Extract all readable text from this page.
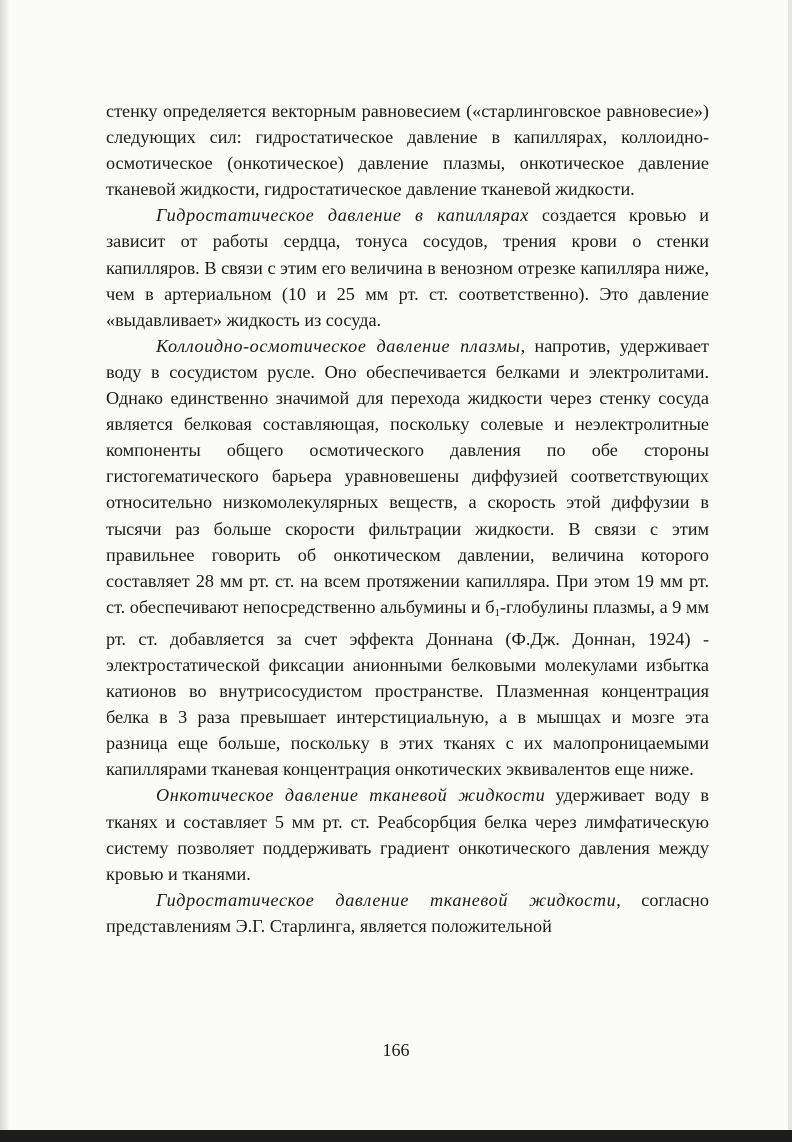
стенку определяется векторным равновесием («старлинговское равновесие») следующих сил: гидростатическое давление в капиллярах, коллоидно-осмотическое (онкотическое) давление плазмы, онкотическое давление тканевой жидкости, гидростатическое давление тканевой жидкости.

Гидростатическое давление в капиллярах создается кровью и зависит от работы сердца, тонуса сосудов, трения крови о стенки капилляров. В связи с этим его величина в венозном отрезке капилляра ниже, чем в артериальном (10 и 25 мм рт. ст. соответственно). Это давление «выдавливает» жидкость из сосуда.

Коллоидно-осмотическое давление плазмы, напротив, удерживает воду в сосудистом русле. Оно обеспечивается белками и электролитами. Однако единственно значимой для перехода жидкости через стенку сосуда является белковая составляющая, поскольку солевые и неэлектролитные компоненты общего осмотического давления по обе стороны гистогематического барьера уравновешены диффузией соответствующих относительно низкомолекулярных веществ, а скорость этой диффузии в тысячи раз больше скорости фильтрации жидкости. В связи с этим правильнее говорить об онкотическом давлении, величина которого составляет 28 мм рт. ст. на всем протяжении капилляра. При этом 19 мм рт. ст. обеспечивают непосредственно альбумины и $б_1$-глобулины плазмы, а 9 мм рт. ст. добавляется за счет эффекта Доннана (Ф.Дж. Доннан, 1924) - электростатической фиксации анионными белковыми молекулами избытка катионов во внутрисосудистом пространстве. Плазменная концентрация белка в 3 раза превышает интерстициальную, а в мышцах и мозге эта разница еще больше, поскольку в этих тканях с их малопроницаемыми капиллярами тканевая концентрация онкотических эквивалентов еще ниже.

Онкотическое давление тканевой жидкости удерживает воду в тканях и составляет 5 мм рт. ст. Реабсорбция белка через лимфатическую систему позволяет поддерживать градиент онкотического давления между кровью и тканями.

Гидростатическое давление тканевой жидкости, согласно представлениям Э.Г. Старлинга, является положительной

166
